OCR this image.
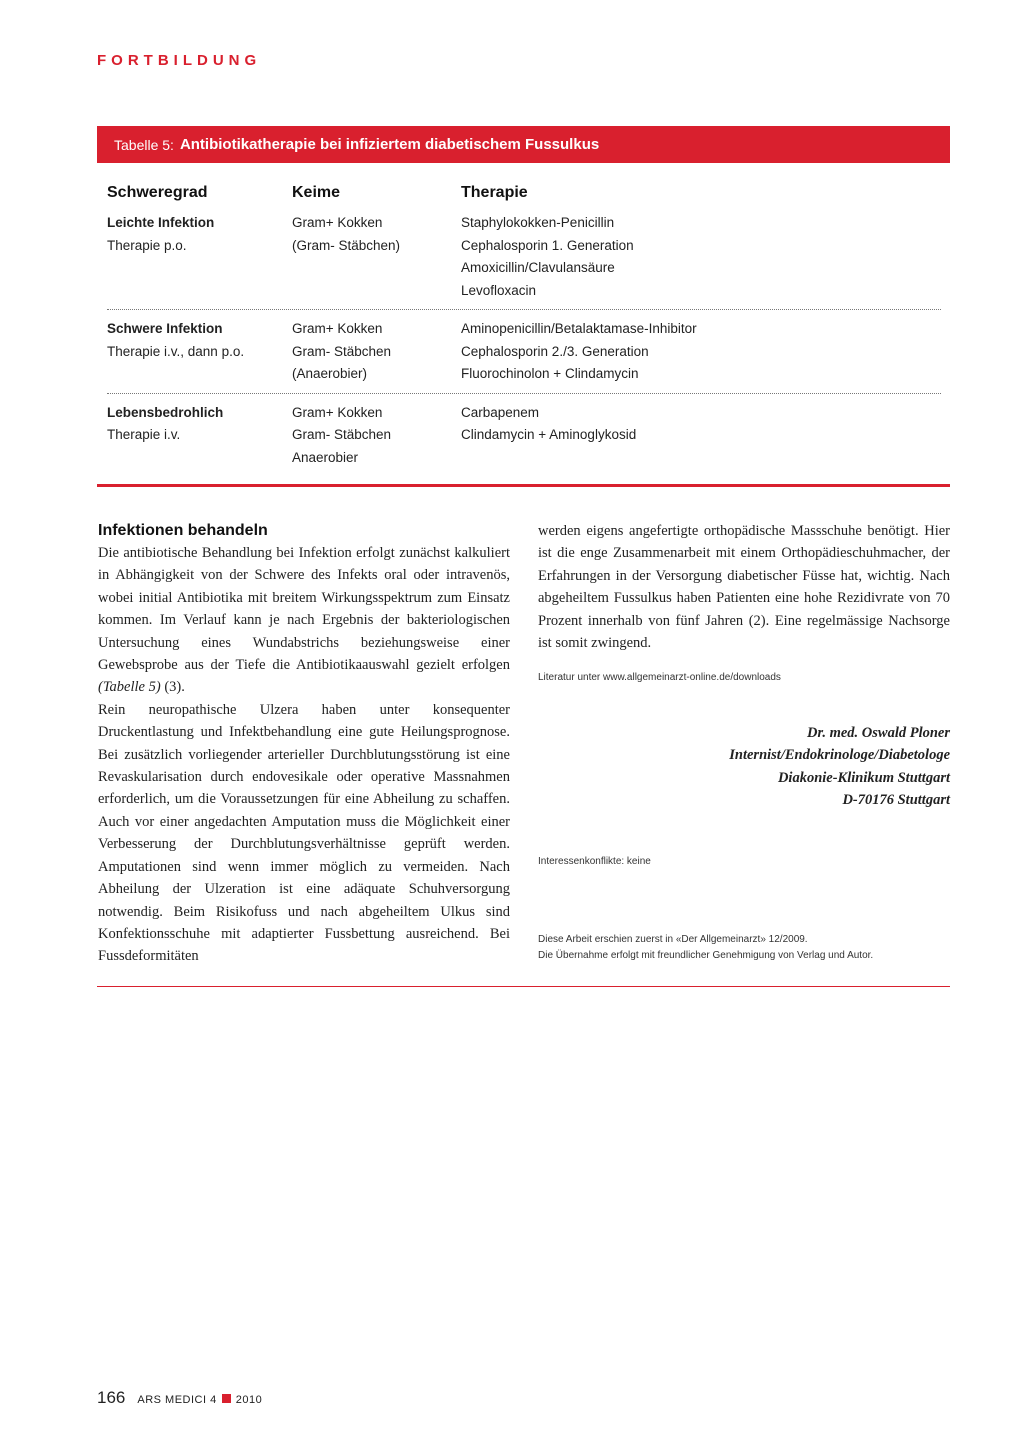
FORTBILDUNG
Tabelle 5: Antibiotikatherapie bei infiziertem diabetischem Fussulkus
Schweregrad	Keime	Therapie
Leichte Infektion
Therapie p.o.
Gram+ Kokken
(Gram- Stäbchen)
Staphylokokken-Penicillin
Cephalosporin 1. Generation
Amoxicillin/Clavulansäure
Levofloxacin
Schwere Infektion
Therapie i.v., dann p.o.
Gram+ Kokken
Gram- Stäbchen
(Anaerobier)
Aminopenicillin/Betalaktamase-Inhibitor
Cephalosporin 2./3. Generation
Fluorochinolon + Clindamycin
Lebensbedrohlich
Therapie i.v.
Gram+ Kokken
Gram- Stäbchen
Anaerobier
Carbapenem
Clindamycin + Aminoglykosid
Infektionen behandeln

Die antibiotische Behandlung bei Infektion erfolgt zunächst kalkuliert in Abhängigkeit von der Schwere des Infekts oral oder intravenös, wobei initial Antibiotika mit breitem Wirkungsspektrum zum Einsatz kommen. Im Verlauf kann je nach Ergebnis der bakteriologischen Untersuchung eines Wundabstrichs beziehungsweise einer Gewebsprobe aus der Tiefe die Antibiotikaauswahl gezielt erfolgen (Tabelle 5) (3).

Rein neuropathische Ulzera haben unter konsequenter Druckentlastung und Infektbehandlung eine gute Heilungsprognose. Bei zusätzlich vorliegender arterieller Durchblutungsstörung ist eine Revaskularisation durch endovesikale oder operative Massnahmen erforderlich, um die Voraussetzungen für eine Abheilung zu schaffen. Auch vor einer angedachten Amputation muss die Möglichkeit einer Verbesserung der Durchblutungsverhältnisse geprüft werden. Amputationen sind wenn immer möglich zu vermeiden. Nach Abheilung der Ulzeration ist eine adäquate Schuhversorgung notwendig. Beim Risikofuss und nach abgeheiltem Ulkus sind Konfektionsschuhe mit adaptierter Fussbettung ausreichend. Bei Fussdeformitäten

werden eigens angefertigte orthopädische Massschuhe benötigt. Hier ist die enge Zusammenarbeit mit einem Orthopädieschuhmacher, der Erfahrungen in der Versorgung diabetischer Füsse hat, wichtig. Nach abgeheiltem Fussulkus haben Patienten eine hohe Rezidivrate von 70 Prozent innerhalb von fünf Jahren (2). Eine regelmässige Nachsorge ist somit zwingend.

Literatur unter www.allgemeinarzt-online.de/downloads
Dr. med. Oswald Ploner
Internist/Endokrinologe/Diabetologe
Diakonie-Klinikum Stuttgart
D-70176 Stuttgart
Interessenkonflikte: keine
Diese Arbeit erschien zuerst in «Der Allgemeinarzt» 12/2009.
Die Übernahme erfolgt mit freundlicher Genehmigung von Verlag und Autor.
166 ARS MEDICI 4 2010
